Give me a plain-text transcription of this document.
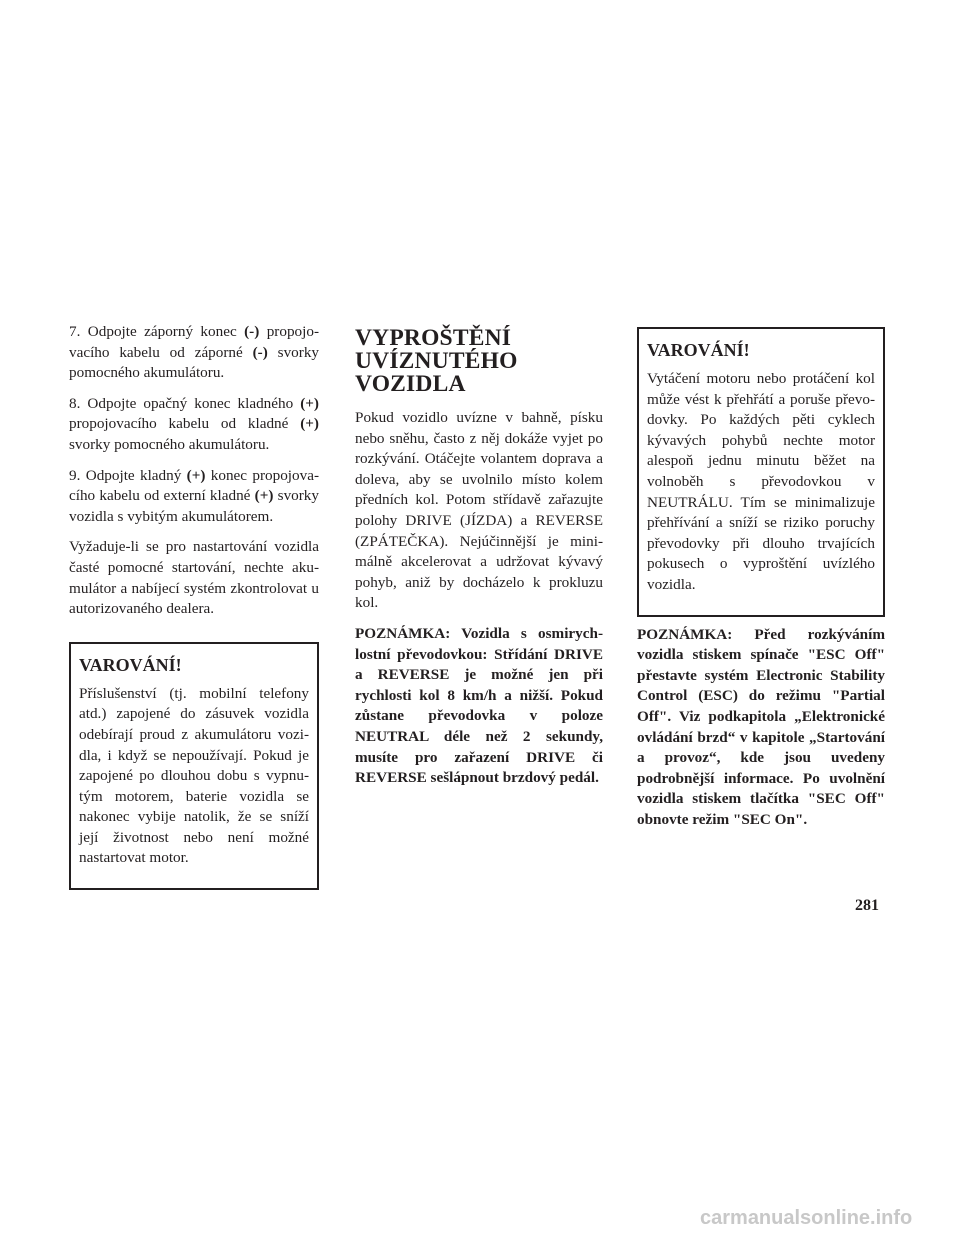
7. Odpojte záporný konec (-) propojovacího kabelu od záporné (-) svorky pomocného akumulátoru.

8. Odpojte opačný konec kladného (+) propojovacího kabelu od kladné (+) svorky pomocného akumulátoru.

9. Odpojte kladný (+) konec propojovacího kabelu od externí kladné (+) svorky vozidla s vybitým akumulátorem.

Vyžaduje-li se pro nastartování vozidla časté pomocné startování, nechte akumulátor a nabíjecí systém zkontrolovat u autorizovaného dealera.

VAROVÁNÍ!

Příslušenství (tj. mobilní telefony atd.) zapojené do zásuvek vozidla odebírají proud z akumulátoru vozidla, i když se nepoužívají. Pokud je zapojené po dlouhou dobu s vypnutým motorem, baterie vozidla se nakonec vybije natolik, že se sníží její životnost nebo není možné nastartovat motor.

VYPROŠTĚNÍ
UVÍZNUTÉHO
VOZIDLA

Pokud vozidlo uvízne v bahně, písku nebo sněhu, často z něj dokáže vyjet po rozkývání. Otáčejte volantem doprava a doleva, aby se uvolnilo místo kolem předních kol. Potom střídavě zařazujte polohy DRIVE (JÍZDA) a REVERSE (ZPÁTEČKA). Nejúčinnější je minimálně akcelerovat a udržovat kývavý pohyb, aniž by docházelo k prokluzu kol.

POZNÁMKA: Vozidla s osmirychlostní převodovkou: Střídání DRIVE a REVERSE je možné jen při rychlosti kol 8 km/h a nižší. Pokud zůstane převodovka v poloze NEUTRAL déle než 2 sekundy, musíte pro zařazení DRIVE či REVERSE sešlápnout brzdový pedál.

VAROVÁNÍ!

Vytáčení motoru nebo protáčení kol může vést k přehřátí a poruše převodovky. Po každých pěti cyklech kývavých pohybů nechte motor alespoň jednu minutu běžet na volnoběh s převodovkou v NEUTRÁLU. Tím se minimalizuje přehřívání a sníží se riziko poruchy převodovky při dlouho trvajících pokusech o vyproštění uvízlého vozidla.

POZNÁMKA: Před rozkýváním vozidla stiskem spínače "ESC Off" přestavte systém Electronic Stability Control (ESC) do režimu "Partial Off". Viz podkapitola „Elektronické ovládání brzd“ v kapitole „Startování a provoz“, kde jsou uvedeny podrobnější informace. Po uvolnění vozidla stiskem tlačítka "SEC Off" obnovte režim "SEC On".

281
carmanualsonline.info
